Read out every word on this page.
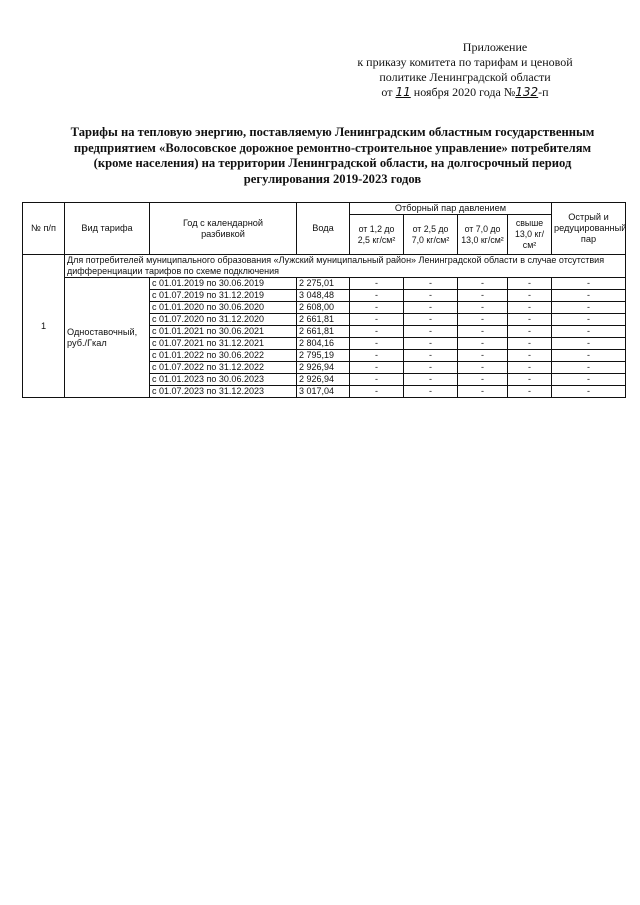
Приложение
к приказу комитета по тарифам и ценовой
политике Ленинградской области
от 11 ноября 2020 года №132-п
Тарифы на тепловую энергию, поставляемую Ленинградским областным государственным
предприятием «Волосовское дорожное ремонтно-строительное управление» потребителям
(кроме населения) на территории Ленинградской области, на долгосрочный период
регулирования 2019-2023 годов
№ п/п	Вид тарифа	Год с календарной разбивкой	Вода	Отборный пар давлением				Острый и редуцированный пар
				от 1,2 до 2,5 кг/см²	от 2,5 до 7,0 кг/см²	от 7,0 до 13,0 кг/см²	свыше 13,0 кг/см²	
1	Для потребителей муниципального образования «Лужский муниципальный район» Ленинградской области в случае отсутствия дифференциации тарифов по схеме подключения							
	Одноставочный, руб./Гкал	с 01.01.2019 по 30.06.2019	2 275,01	-	-	-	-	-
		с 01.07.2019 по 31.12.2019	3 048,48	-	-	-	-	-
		с 01.01.2020 по 30.06.2020	2 608,00	-	-	-	-	-
		с 01.07.2020 по 31.12.2020	2 661,81	-	-	-	-	-
		с 01.01.2021 по 30.06.2021	2 661,81	-	-	-	-	-
		с 01.07.2021 по 31.12.2021	2 804,16	-	-	-	-	-
		с 01.01.2022 по 30.06.2022	2 795,19	-	-	-	-	-
		с 01.07.2022 по 31.12.2022	2 926,94	-	-	-	-	-
		с 01.01.2023 по 30.06.2023	2 926,94	-	-	-	-	-
		с 01.07.2023 по 31.12.2023	3 017,04	-	-	-	-	-
